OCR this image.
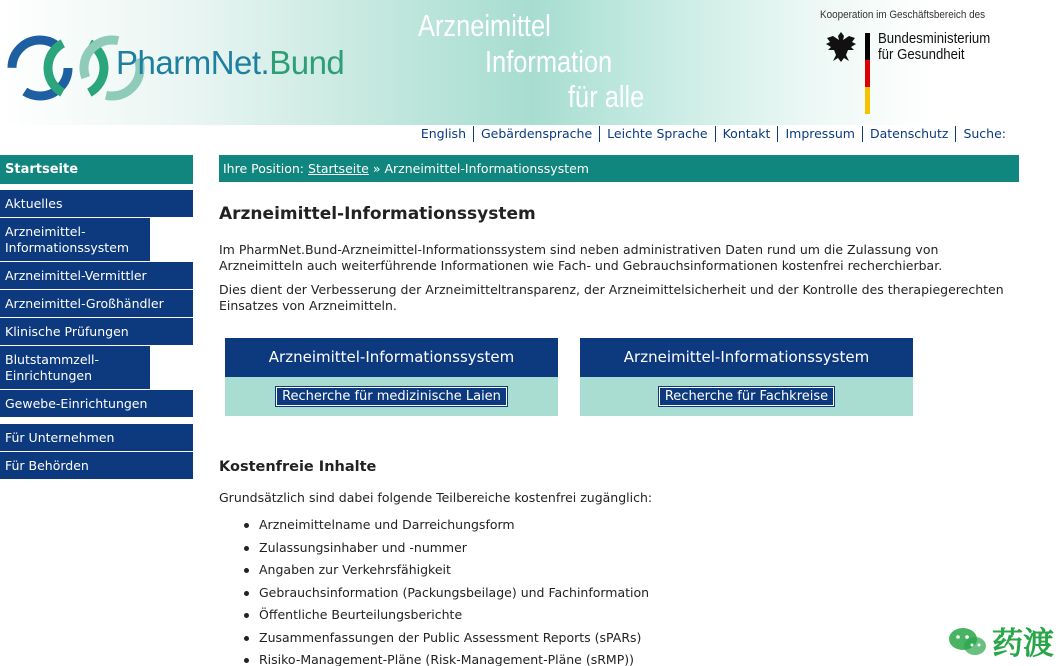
PharmNet.Bund
Arzneimittel
Information
für alle
Kooperation im Geschäftsbereich des
Bundesministerium
für Gesundheit
English	Gebärdensprache	Leichte Sprache	Kontakt	Impressum	Datenschutz	Suche:
Startseite
Aktuelles
Arzneimittel-Informationssystem
Arzneimittel-Vermittler
Arzneimittel-Großhändler
Klinische Prüfungen
Blutstammzell-Einrichtungen
Gewebe-Einrichtungen
Für Unternehmen
Für Behörden
Ihre Position: Startseite » Arzneimittel-Informationssystem
Arzneimittel-Informationssystem

Im PharmNet.Bund-Arzneimittel-Informationssystem sind neben administrativen Daten rund um die Zulassung von Arzneimitteln auch weiterführende Informationen wie Fach- und Gebrauchsinformationen kostenfrei recherchierbar.

Dies dient der Verbesserung der Arzneimitteltransparenz, der Arzneimittelsicherheit und der Kontrolle des therapiegerechten Einsatzes von Arzneimitteln.

Arzneimittel-Informationssystem
Recherche für medizinische Laien
Arzneimittel-Informationssystem
Recherche für Fachkreise
Kostenfreie Inhalte

Grundsätzlich sind dabei folgende Teilbereiche kostenfrei zugänglich:

Arzneimittelname und Darreichungsform
Zulassungsinhaber und -nummer
Angaben zur Verkehrsfähigkeit
Gebrauchsinformation (Packungsbeilage) und Fachinformation
Öffentliche Beurteilungsberichte
Zusammenfassungen der Public Assessment Reports (sPARs)
Risiko-Management-Pläne (Risk-Management-Pläne (sRMP))	药渡
